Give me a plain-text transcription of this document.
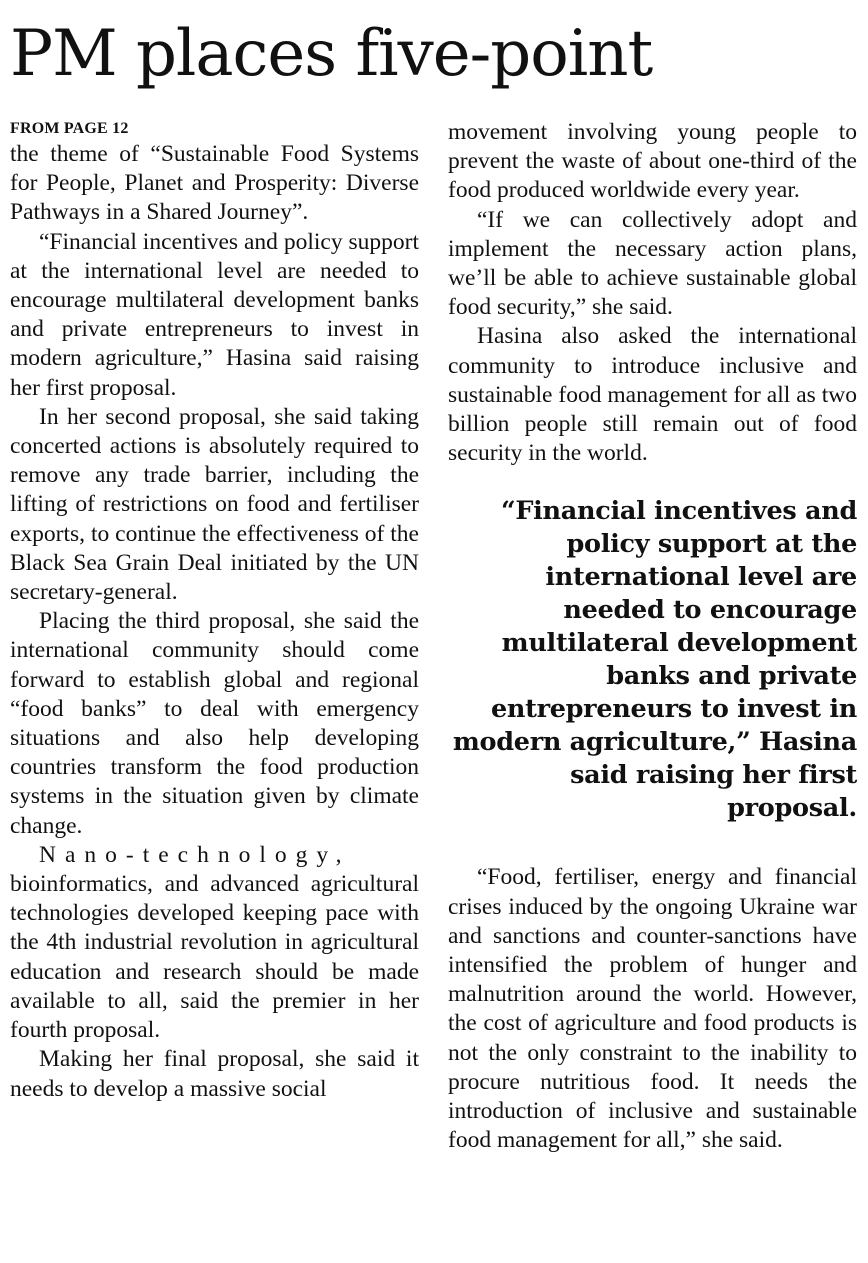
PM places five-point
FROM PAGE 12

the theme of “Sustainable Food Systems for People, Planet and Prosperity: Diverse Pathways in a Shared Journey”.

“Financial incentives and policy support at the international level are needed to encourage multilateral development banks and private entrepreneurs to invest in modern agriculture,” Hasina said raising her first proposal.

In her second proposal, she said taking concerted actions is absolutely required to remove any trade barrier, including the lifting of restrictions on food and fertiliser exports, to continue the effectiveness of the Black Sea Grain Deal initiated by the UN secretary-general.

Placing the third proposal, she said the international community should come forward to establish global and regional “food banks” to deal with emergency situations and also help developing countries transform the food production systems in the situation given by climate change.

Nano-technology, bioinformatics, and advanced agricultural technologies developed keeping pace with the 4th industrial revolution in agricultural education and research should be made available to all, said the premier in her fourth proposal.

Making her final proposal, she said it needs to develop a massive social

movement involving young people to prevent the waste of about one-third of the food produced worldwide every year.

“If we can collectively adopt and implement the necessary action plans, we’ll be able to achieve sustainable global food security,” she said.

Hasina also asked the international community to introduce inclusive and sustainable food management for all as two billion people still remain out of food security in the world.

“Financial incentives and policy support at the international level are needed to encourage multilateral development banks and private entrepreneurs to invest in modern agriculture,” Hasina said raising her first proposal.

“Food, fertiliser, energy and financial crises induced by the ongoing Ukraine war and sanctions and counter-sanctions have intensified the problem of hunger and malnutrition around the world. However, the cost of agriculture and food products is not the only constraint to the inability to procure nutritious food. It needs the introduction of inclusive and sustainable food management for all,” she said.
